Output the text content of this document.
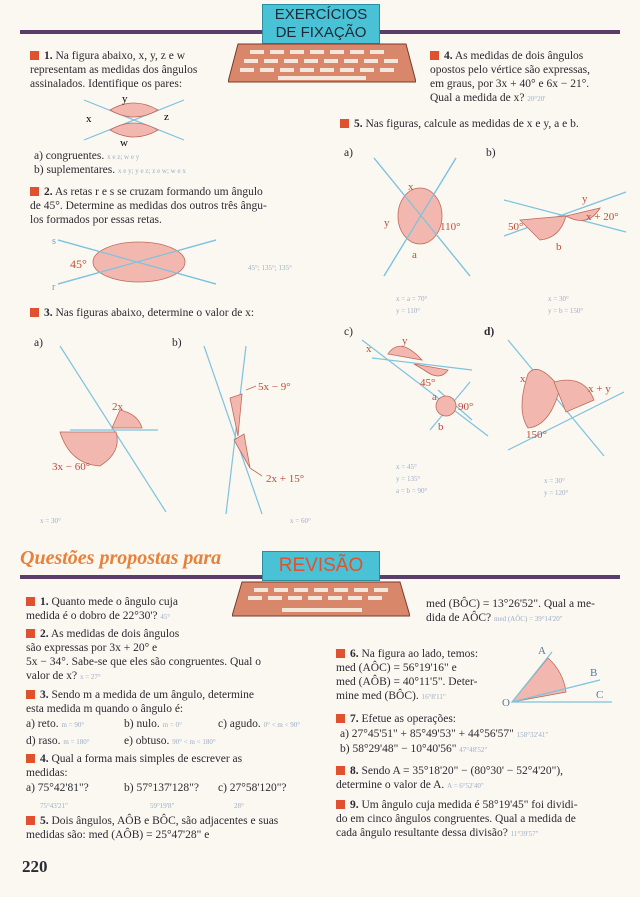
EXERCÍCIOS
DE FIXAÇÃO
1. Na figura abaixo, x, y, z e w
representam as medidas dos ângulos
assinalados. Identifique os pares:
x
y
z
w
a) congruentes. x e z; w e y
b) suplementares. x e y; y e z; z e w; w e x
2. As retas r e s se cruzam formando um ângulo
de 45°. Determine as medidas dos outros três ângu-
los formados por essas retas.
s
r
45°	45°; 135°; 135°
3. Nas figuras abaixo, determine o valor de x:
a)	b)
2x
3x − 60°
x = 30°
5x − 9°
2x + 15°
x = 60°
4. As medidas de dois ângulos
opostos pelo vértice são expressas,
em graus, por 3x + 40° e 6x − 21°.
Qual a medida de x? 20°20'
5. Nas figuras, calcule as medidas de x e y, a e b.
a)	b)
x
y	110°
a
x = a = 70°
y = 110°
y
50°
x + 20°
b
x = 30°
y = b = 150°
c)	d)
x
y
45°
a
b
90°
x = 45°
y = 135°
a = b = 90°
x
x + y
150°
x = 30°
y = 120°
Questões propostas para	REVISÃO
1. Quanto mede o ângulo cuja
medida é o dobro de 22°30'? 45°
2. As medidas de dois ângulos
são expressas por 3x + 20° e
5x − 34°. Sabe-se que eles são congruentes. Qual o
valor de x? x = 27°
3. Sendo m a medida de um ângulo, determine
esta medida m quando o ângulo é:
a) reto. m = 90°	b) nulo. m = 0°	c) agudo. 0° < m < 90°
d) raso. m = 180°	e) obtuso. 90° < m < 180°
4. Qual a forma mais simples de escrever as
medidas:
a) 75°42'81"?	b) 57°137'128"? c) 27°58'120"?
75°43'21"	59°19'8"	28°
5. Dois ângulos, AÔB e BÔC, são adjacentes e suas
medidas são: med (AÔB) = 25°47'28" e
220
med (BÔC) = 13°26'52". Qual a me-
dida de AÔC? med (AÔC) = 39°14'20"
6. Na figura ao lado, temos:
med (AÔC) = 56°19'16" e
med (AÔB) = 40°11'5". Deter-
mine med (BÔC). 16°8'11"
A
B
C
O
7. Efetue as operações:
a) 27°45'51" + 85°49'53" + 44°56'57" 158°32'41"
b) 58°29'48" − 10°40'56" 47°48'52"
8. Sendo A = 35°18'20" − (80°30' − 52°4'20"),
determine o valor de A. A = 6°52'40"
9. Um ângulo cuja medida é 58°19'45" foi dividi-
do em cinco ângulos congruentes. Qual a medida de
cada ângulo resultante dessa divisão? 11°39'57"
